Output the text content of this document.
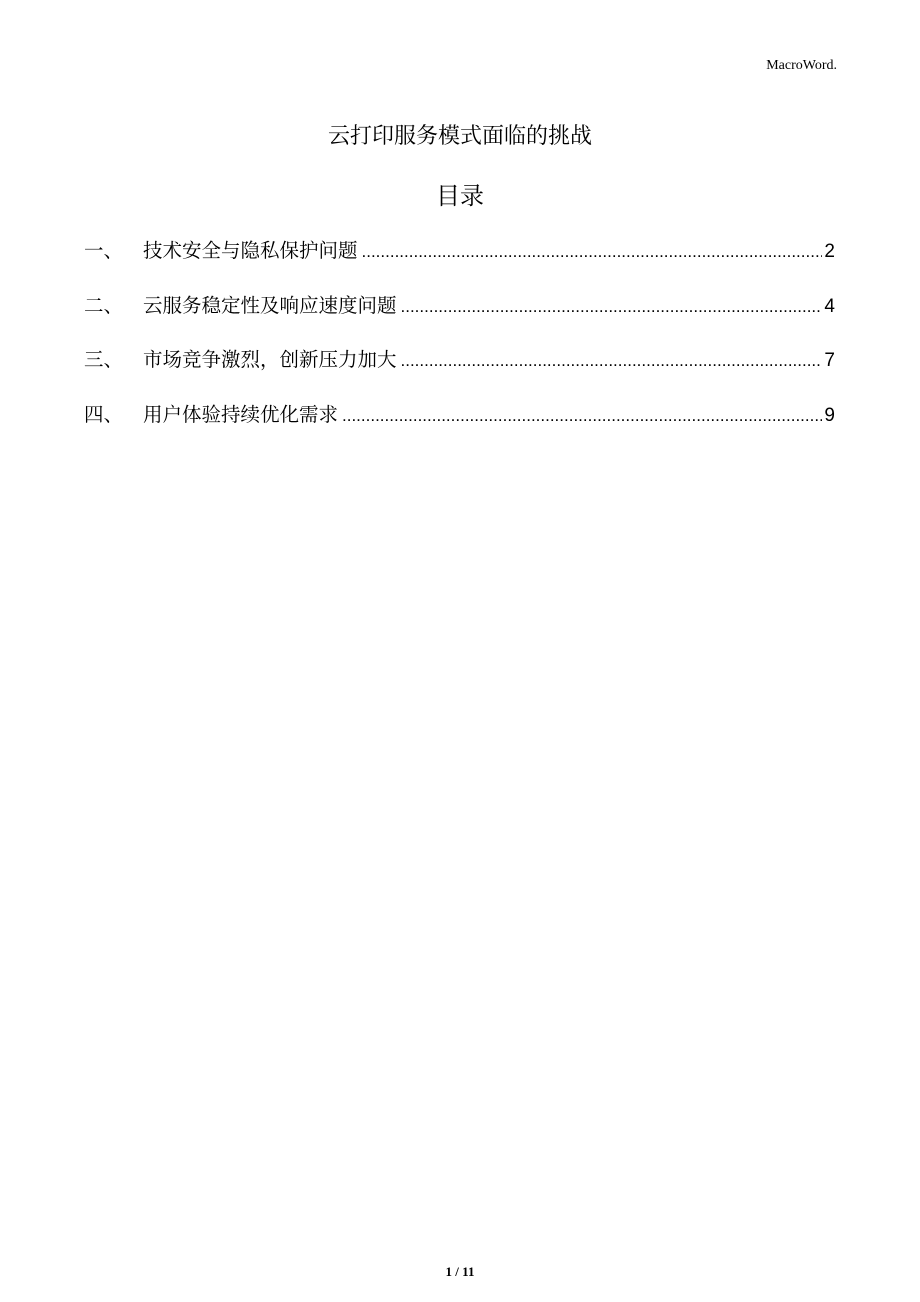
MacroWord.
云打印服务模式面临的挑战
目录
一、	技术安全与隐私保护问题 .....	2
二、	云服务稳定性及响应速度问题 .....	4
三、	市场竞争激烈，创新压力加大 .....	7
四、	用户体验持续优化需求 .....	9
1 / 11
